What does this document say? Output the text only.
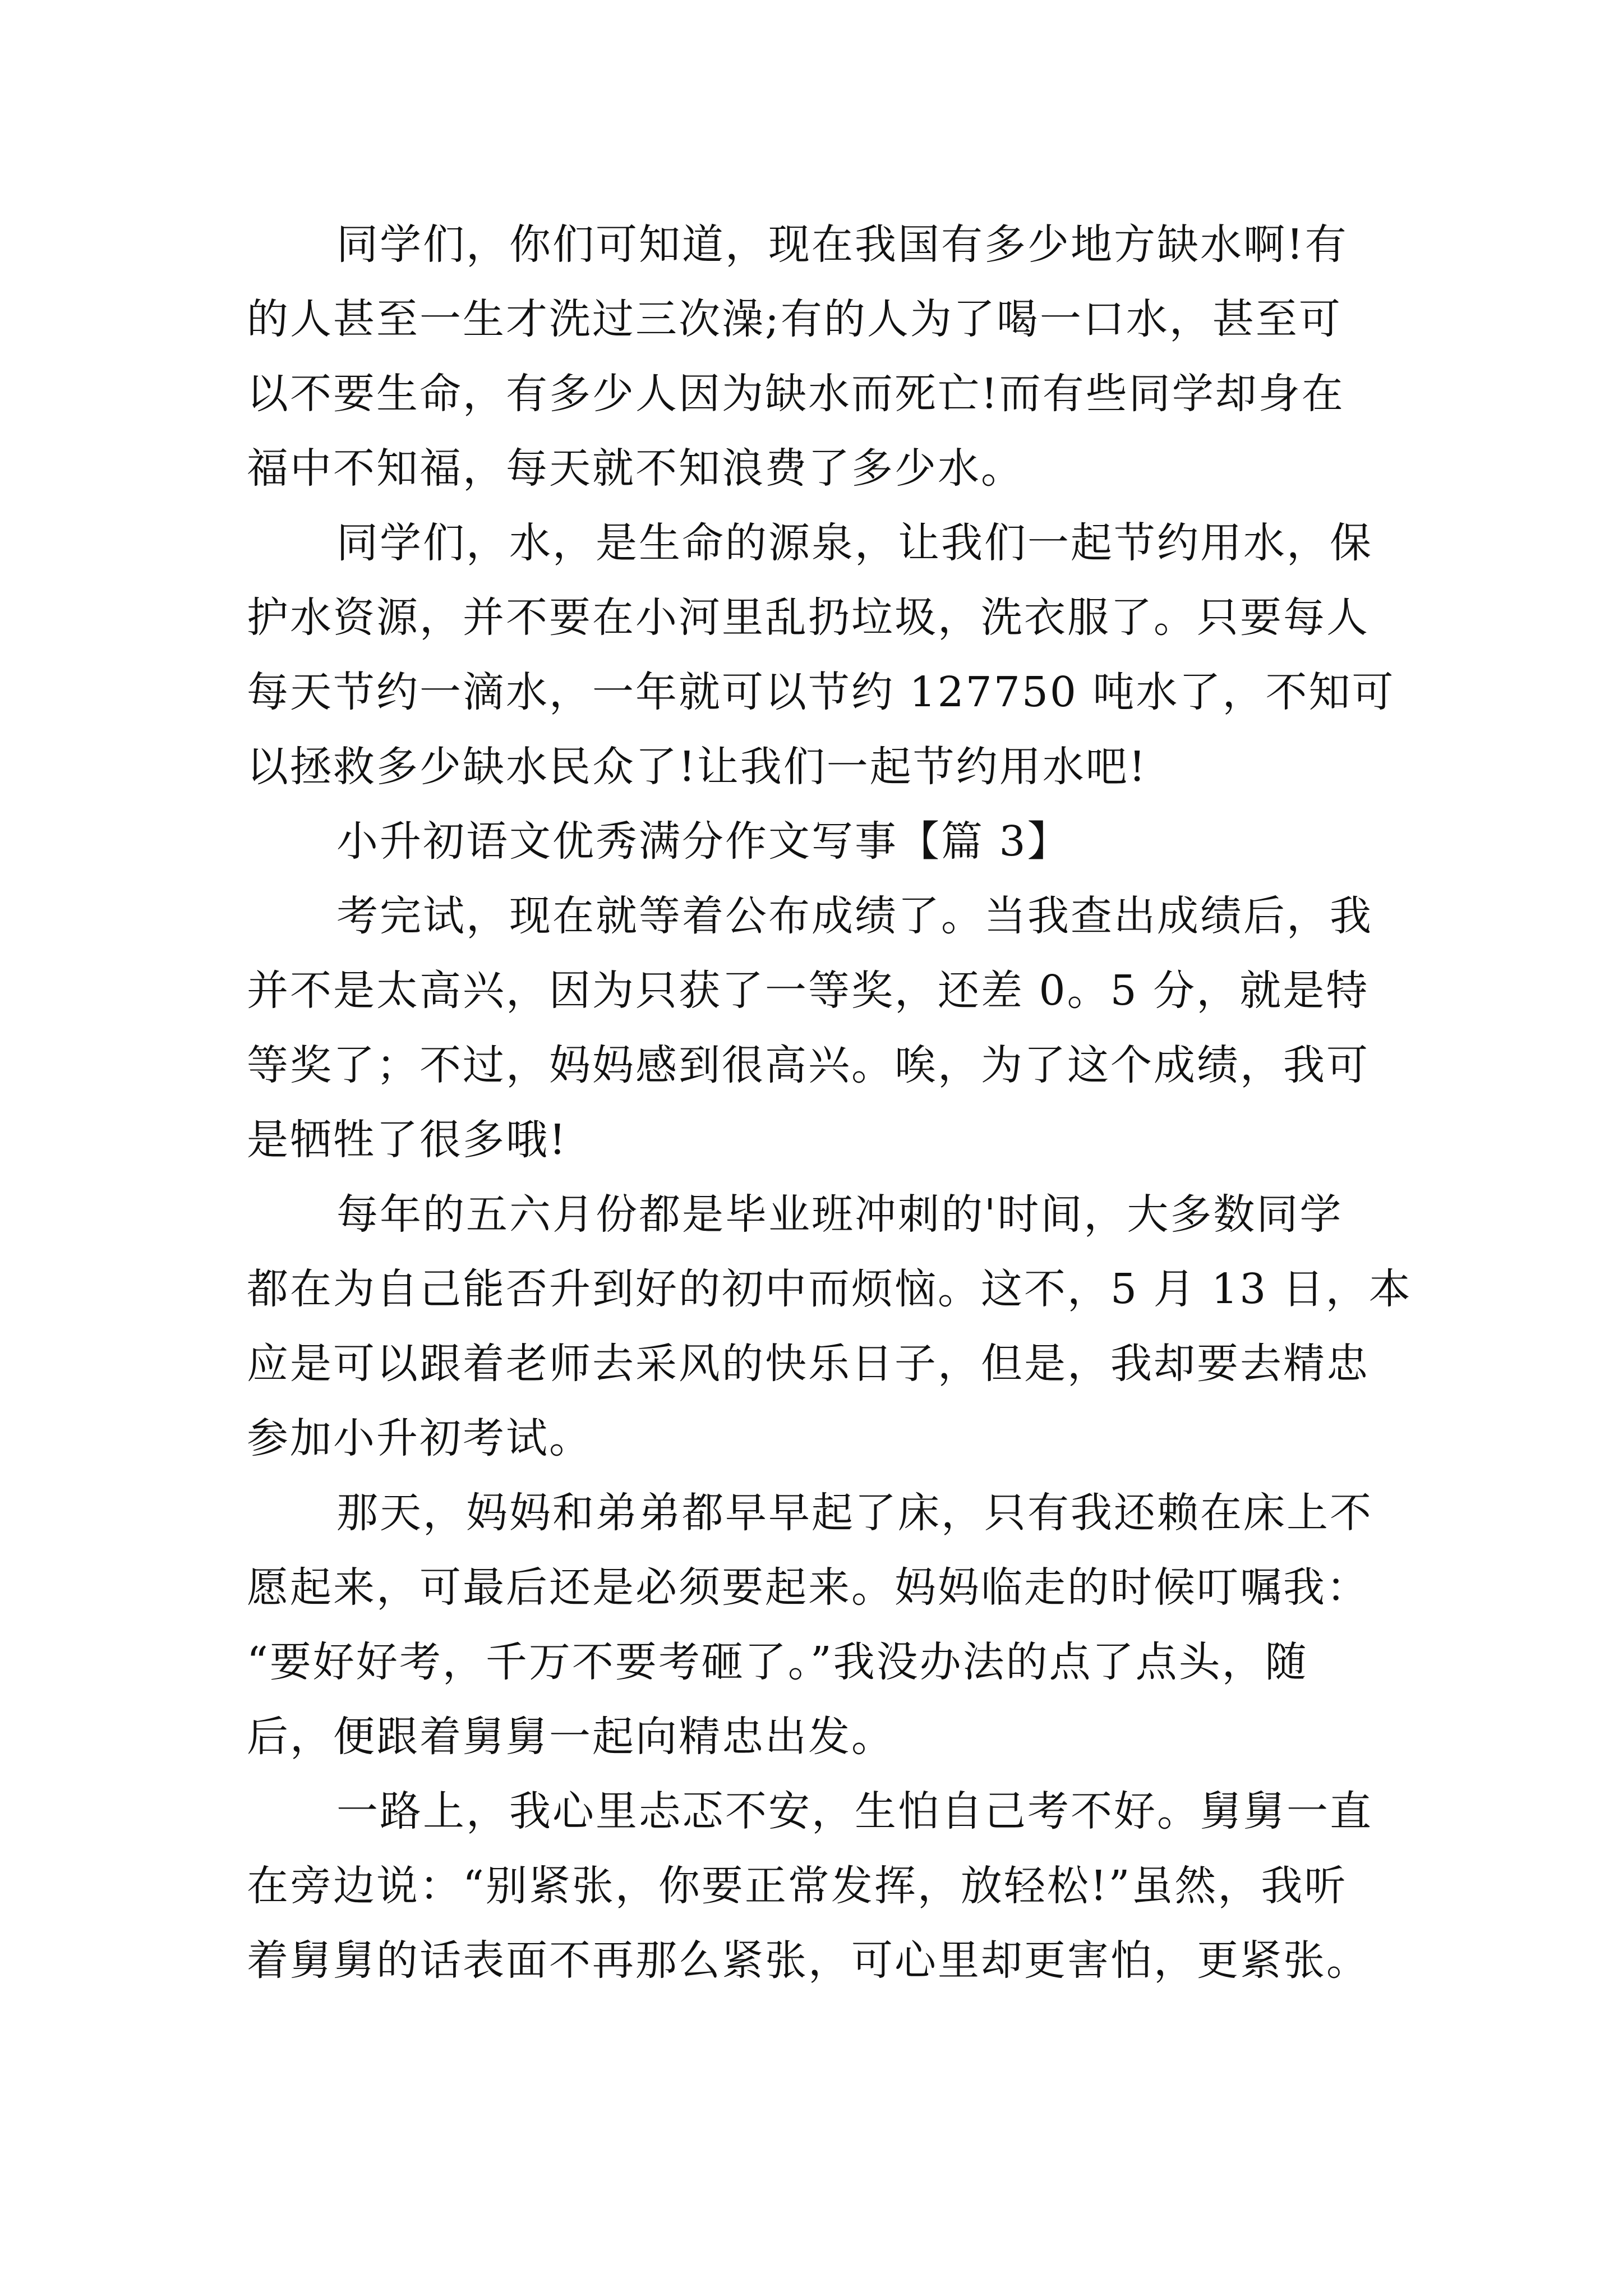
同学们，你们可知道，现在我国有多少地方缺水啊!有
的人甚至一生才洗过三次澡;有的人为了喝一口水，甚至可
以不要生命，有多少人因为缺水而死亡!而有些同学却身在
福中不知福，每天就不知浪费了多少水。
同学们，水，是生命的源泉，让我们一起节约用水，保
护水资源，并不要在小河里乱扔垃圾，洗衣服了。只要每人
每天节约一滴水，一年就可以节约 127750 吨水了，不知可
以拯救多少缺水民众了!让我们一起节约用水吧!
小升初语文优秀满分作文写事【篇 3】
考完试，现在就等着公布成绩了。当我查出成绩后，我
并不是太高兴，因为只获了一等奖，还差 0。5 分，就是特
等奖了；不过，妈妈感到很高兴。唉，为了这个成绩，我可
是牺牲了很多哦!
每年的五六月份都是毕业班冲刺的'时间，大多数同学
都在为自己能否升到好的初中而烦恼。这不，5 月 13 日，本
应是可以跟着老师去采风的快乐日子，但是，我却要去精忠
参加小升初考试。
那天，妈妈和弟弟都早早起了床，只有我还赖在床上不
愿起来，可最后还是必须要起来。妈妈临走的时候叮嘱我：
“要好好考，千万不要考砸了。”我没办法的点了点头，随
后，便跟着舅舅一起向精忠出发。
一路上，我心里忐忑不安，生怕自己考不好。舅舅一直
在旁边说：“别紧张，你要正常发挥，放轻松!”虽然，我听
着舅舅的话表面不再那么紧张，可心里却更害怕，更紧张。
